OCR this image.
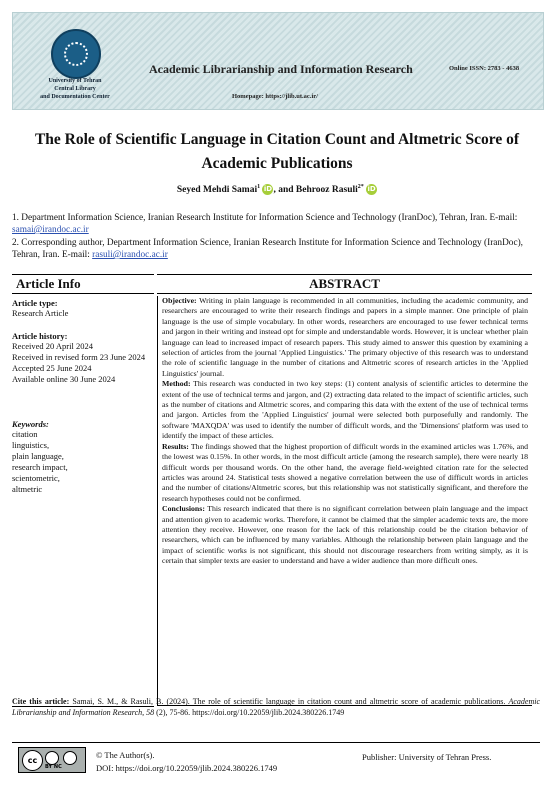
University of Tehran
Central Library
and Documentation Center
Academic Librarianship and Information Research	Online ISSN: 2783 - 4638
Homepage: https://jlib.ut.ac.ir/
The Role of Scientific Language in Citation Count and Altmetric Score of Academic Publications
Seyed Mehdi Samai$^1$ iD, and Behrooz Rasuli$^{2*}$ iD
1. Department Information Science, Iranian Research Institute for Information Science and Technology (IranDoc), Tehran, Iran. E-mail: samai@irandoc.ac.ir
2. Corresponding author, Department Information Science, Iranian Research Institute for Information Science and Technology (IranDoc), Tehran, Iran. E-mail: rasuli@irandoc.ac.ir
Article Info
Article type:
Research Article
Article history:
Received 20 April 2024
Received in revised form 23 June 2024
Accepted 25 June 2024
Available online 30 June 2024
Keywords:
citation
linguistics,
plain language,
research impact,
scientometric,
altmetric
ABSTRACT

Objective: Writing in plain language is recommended in all communities, including the academic community, and researchers are encouraged to write their research findings and papers in a simple manner. One principle of plain language is the use of simple vocabulary. In other words, researchers are encouraged to use fewer technical terms and jargon in their writing and instead opt for simple and understandable words. However, it is unclear whether plain language can lead to increased impact of research papers. This study aimed to answer this question by examining a selection of articles from the journal 'Applied Linguistics.' The primary objective of this research was to understand the role of scientific language in the number of citations and Altmetric scores of research articles in the 'Applied Linguistics' journal.

Method: This research was conducted in two key steps: (1) content analysis of scientific articles to determine the extent of the use of technical terms and jargon, and (2) extracting data related to the impact of scientific articles, such as the number of citations and Altmetric scores, and comparing this data with the extent of the use of technical terms and jargon. Articles from the 'Applied Linguistics' journal were selected both purposefully and randomly. The software 'MAXQDA' was used to identify the number of difficult words, and the 'Dimensions' platform was used to identify the impact of these articles.

Results: The findings showed that the highest proportion of difficult words in the examined articles was 1.76%, and the lowest was 0.15%. In other words, in the most difficult article (among the research sample), there were nearly 18 difficult words per thousand words. On the other hand, the average field-weighted citation rate for the selected articles was around 24. Statistical tests showed a negative correlation between the use of difficult words in articles and the number of citations/Altmetric scores, but this relationship was not statistically significant, and therefore the research hypotheses could not be confirmed.

Conclusions: This research indicated that there is no significant correlation between plain language and the impact and attention given to academic works. Therefore, it cannot be claimed that the simpler academic texts are, the more attention they receive. However, one reason for the lack of this relationship could be the citation behavior of researchers, which can be influenced by many variables. Although the relationship between plain language and the impact of scientific works is not significant, this should not discourage researchers from writing simply, as it is certain that simpler texts are easier to understand and have a wider audience than more difficult ones.

Cite this article: Samai, S. M., & Rasuli, B. (2024). The role of scientific language in citation count and altmetric score of academic publications. Academic Librarianship and Information Research, 58 (2), 75-86. https://doi.org/10.22059/jlib.2024.380226.1749
cc
BY NC
© The Author(s).
DOI: https://doi.org/10.22059/jlib.2024.380226.1749
Publisher: University of Tehran Press.
